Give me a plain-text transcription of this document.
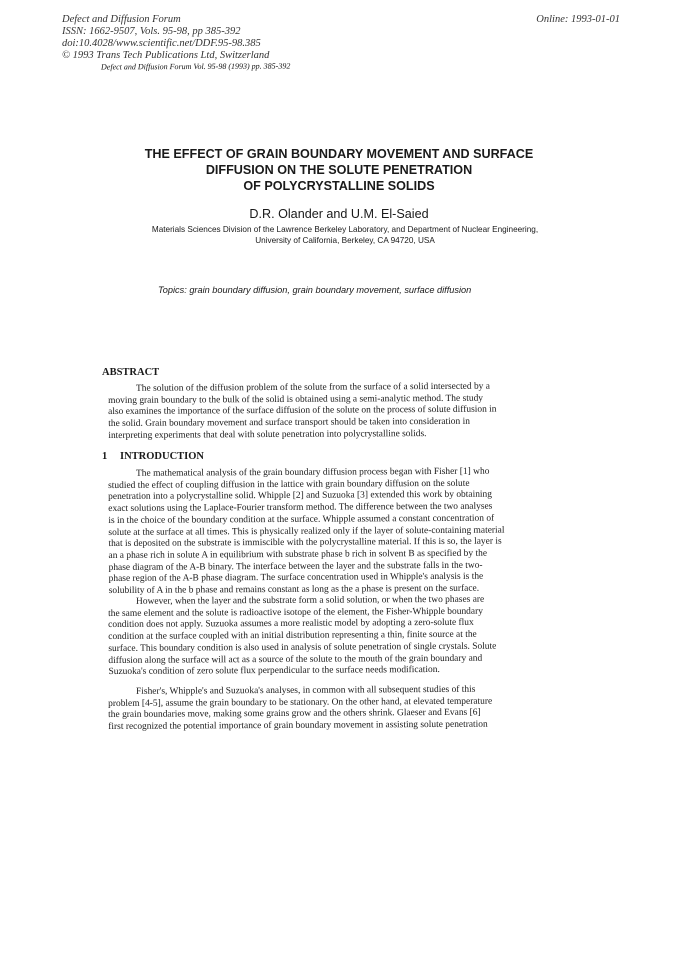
Defect and Diffusion Forum
ISSN: 1662-9507, Vols. 95-98, pp 385-392
doi:10.4028/www.scientific.net/DDF.95-98.385
© 1993 Trans Tech Publications Ltd, Switzerland
Online: 1993-01-01
Defect and Diffusion Forum Vol. 95-98 (1993) pp. 385-392
THE EFFECT OF GRAIN BOUNDARY MOVEMENT AND SURFACE
DIFFUSION ON THE SOLUTE PENETRATION
OF POLYCRYSTALLINE SOLIDS
D.R. Olander and U.M. El-Saied
Materials Sciences Division of the Lawrence Berkeley Laboratory, and Department of Nuclear Engineering,
University of California, Berkeley, CA 94720, USA
Topics: grain boundary diffusion, grain boundary movement, surface diffusion
ABSTRACT
The solution of the diffusion problem of the solute from the surface of a solid intersected by a
moving grain boundary to the bulk of the solid is obtained using a semi-analytic method. The study
also examines the importance of the surface diffusion of the solute on the process of solute diffusion in
the solid. Grain boundary movement and surface transport should be taken into consideration in
interpreting experiments that deal with solute penetration into polycrystalline solids.
1 INTRODUCTION
The mathematical analysis of the grain boundary diffusion process began with Fisher [1] who
studied the effect of coupling diffusion in the lattice with grain boundary diffusion on the solute
penetration into a polycrystalline solid. Whipple [2] and Suzuoka [3] extended this work by obtaining
exact solutions using the Laplace-Fourier transform method. The difference between the two analyses
is in the choice of the boundary condition at the surface. Whipple assumed a constant concentration of
solute at the surface at all times. This is physically realized only if the layer of solute-containing material
that is deposited on the substrate is immiscible with the polycrystalline material. If this is so, the layer is
an a phase rich in solute A in equilibrium with substrate phase b rich in solvent B as specified by the
phase diagram of the A-B binary. The interface between the layer and the substrate falls in the two-
phase region of the A-B phase diagram. The surface concentration used in Whipple's analysis is the
solubility of A in the b phase and remains constant as long as the a phase is present on the surface.
However, when the layer and the substrate form a solid solution, or when the two phases are
the same element and the solute is radioactive isotope of the element, the Fisher-Whipple boundary
condition does not apply. Suzuoka assumes a more realistic model by adopting a zero-solute flux
condition at the surface coupled with an initial distribution representing a thin, finite source at the
surface. This boundary condition is also used in analysis of solute penetration of single crystals. Solute
diffusion along the surface will act as a source of the solute to the mouth of the grain boundary and
Suzuoka's condition of zero solute flux perpendicular to the surface needs modification.
Fisher's, Whipple's and Suzuoka's analyses, in common with all subsequent studies of this
problem [4-5], assume the grain boundary to be stationary. On the other hand, at elevated temperature
the grain boundaries move, making some grains grow and the others shrink. Glaeser and Evans [6]
first recognized the potential importance of grain boundary movement in assisting solute penetration
